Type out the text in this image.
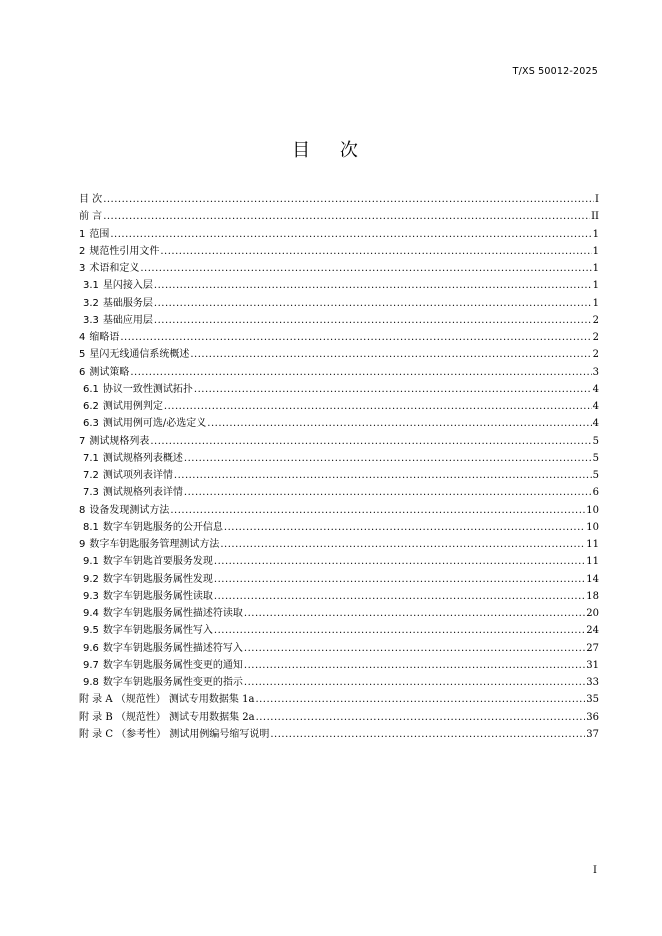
T/XS 50012-2025
目 次
目 次 .....	I
前 言 .....	II
1 范围 .....	1
2 规范性引用文件 .....	1
3 术语和定义 .....	1
3.1 星闪接入层 .....	1
3.2 基础服务层 .....	1
3.3 基础应用层 .....	2
4 缩略语 .....	2
5 星闪无线通信系统概述 .....	2
6 测试策略 .....	3
6.1 协议一致性测试拓扑 .....	4
6.2 测试用例判定 .....	4
6.3 测试用例可选/必选定义 .....	4
7 测试规格列表 .....	5
7.1 测试规格列表概述 .....	5
7.2 测试项列表详情 .....	5
7.3 测试规格列表详情 .....	6
8 设备发现测试方法 .....	10
8.1 数字车钥匙服务的公开信息 .....	10
9 数字车钥匙服务管理测试方法 .....	11
9.1 数字车钥匙首要服务发现 .....	11
9.2 数字车钥匙服务属性发现 .....	14
9.3 数字车钥匙服务属性读取 .....	18
9.4 数字车钥匙服务属性描述符读取 .....	20
9.5 数字车钥匙服务属性写入 .....	24
9.6 数字车钥匙服务属性描述符写入 .....	27
9.7 数字车钥匙服务属性变更的通知 .....	31
9.8 数字车钥匙服务属性变更的指示 .....	33
附 录 A （规范性） 测试专用数据集 1a .....	35
附 录 B （规范性） 测试专用数据集 2a .....	36
附 录 C （参考性） 测试用例编号缩写说明 .....	37
I
